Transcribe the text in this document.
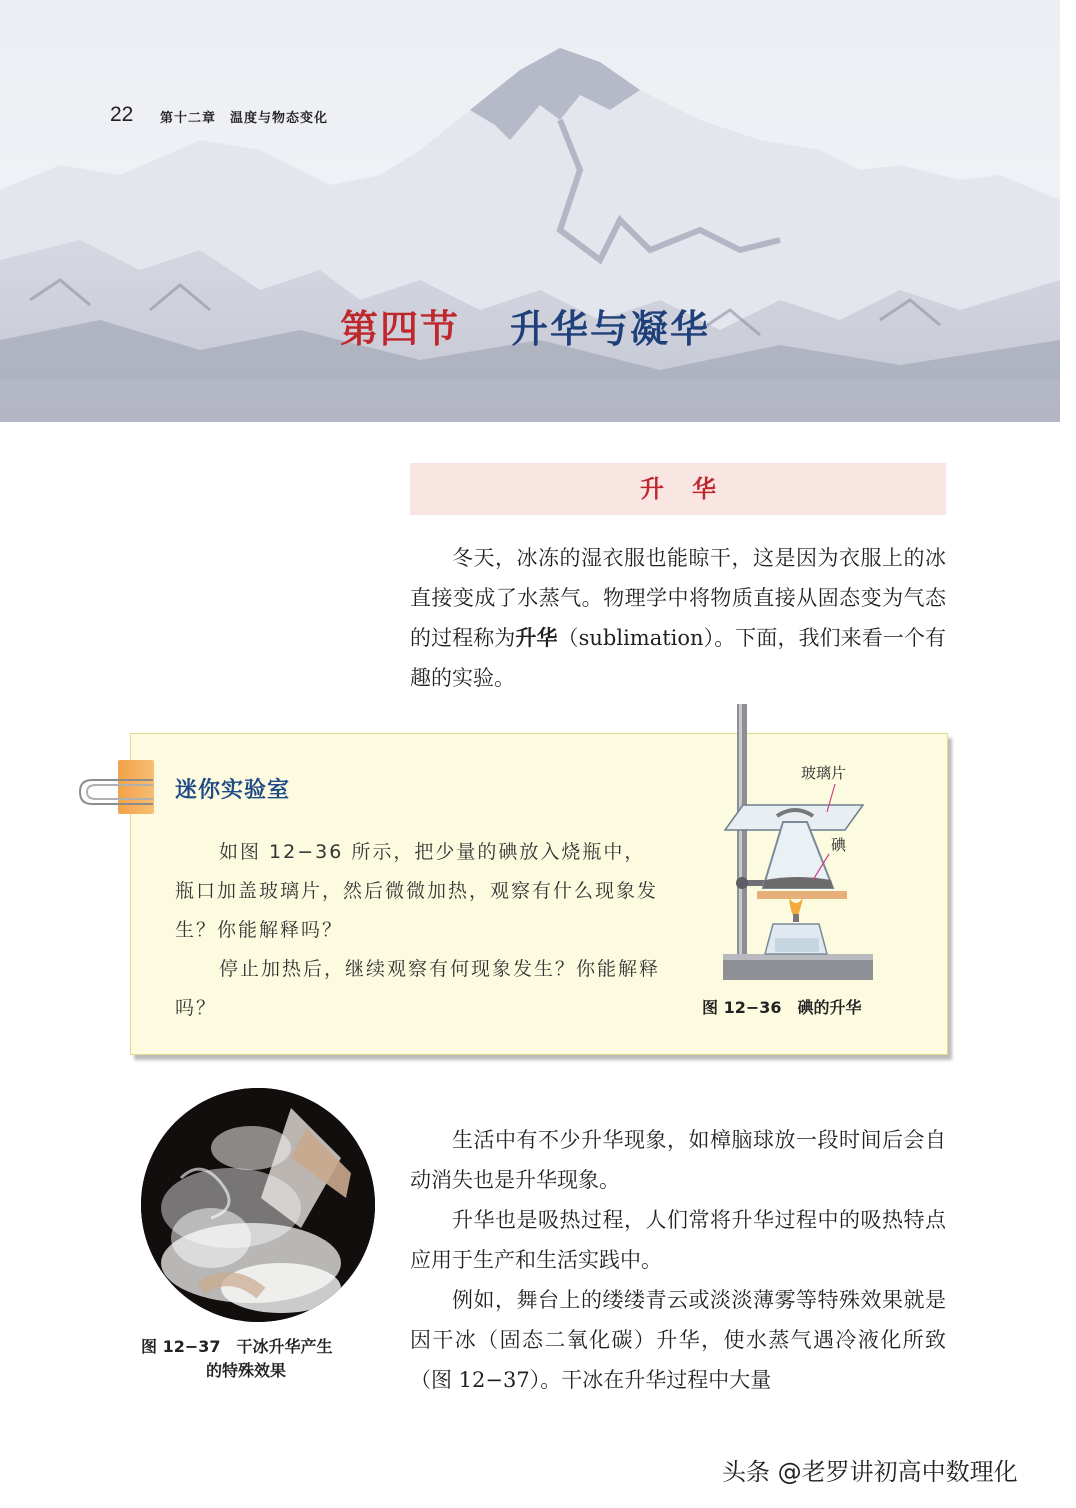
22 第十二章　温度与物态变化
第四节 升华与凝华
升华

冬天，冰冻的湿衣服也能晾干，这是因为衣服上的冰直接变成了水蒸气。物理学中将物质直接从固态变为气态的过程称为升华（sublimation）。下面，我们来看一个有趣的实验。

迷你实验室

如图 12−36 所示，把少量的碘放入烧瓶中，瓶口加盖玻璃片，然后微微加热，观察有什么现象发生？你能解释吗？

停止加热后，继续观察有何现象发生？你能解释吗？

玻璃片
碘
图 12−36　碘的升华
图 12−37　干冰升华产生
的特殊效果

生活中有不少升华现象，如樟脑球放一段时间后会自动消失也是升华现象。

升华也是吸热过程，人们常将升华过程中的吸热特点应用于生产和生活实践中。

例如，舞台上的缕缕青云或淡淡薄雾等特殊效果就是因干冰（固态二氧化碳）升华，使水蒸气遇冷液化所致（图 12−37）。干冰在升华过程中大量

头条 @老罗讲初高中数理化
